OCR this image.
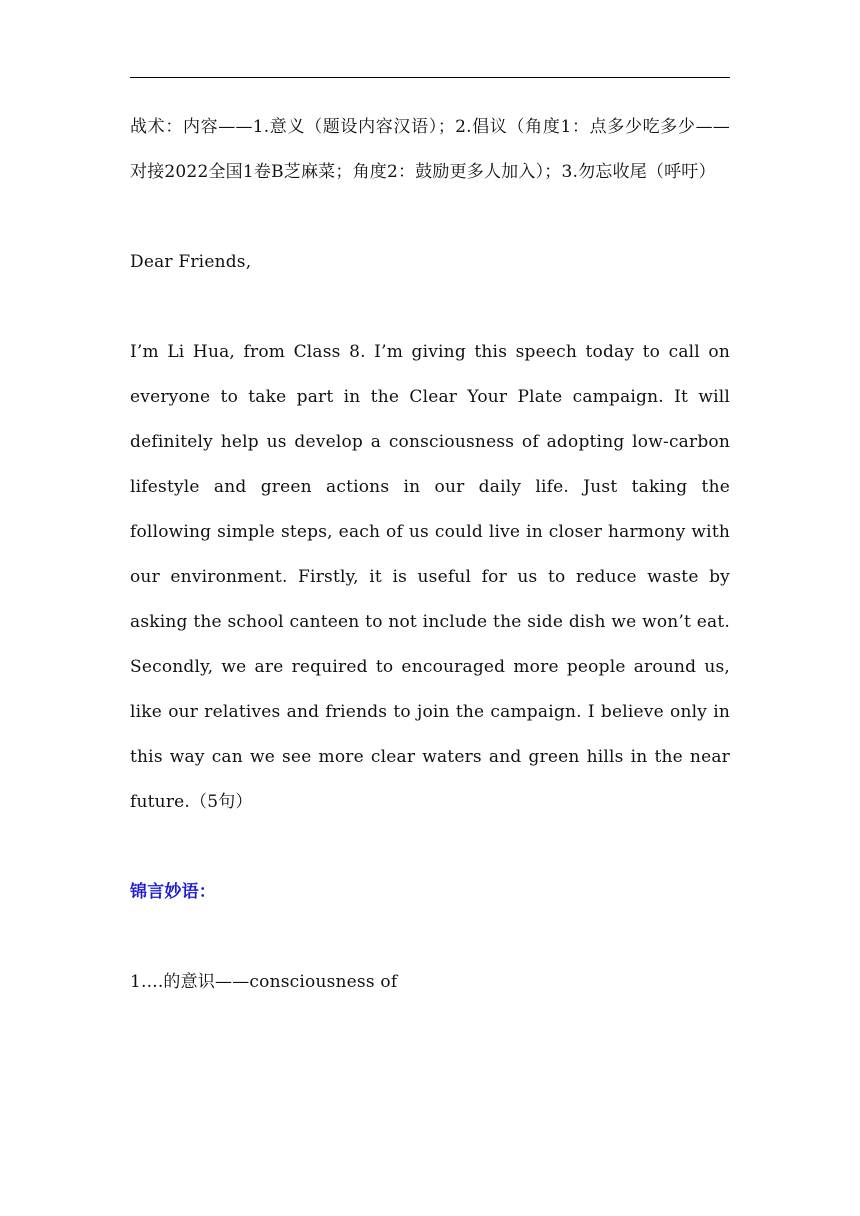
战术：内容——1.意义（题设内容汉语）；2.倡议（角度1：点多少吃多少——对接2022全国1卷B芝麻菜；角度2：鼓励更多人加入）；3.勿忘收尾（呼吁）

Dear Friends,

I’m Li Hua, from Class 8. I’m giving this speech today to call on everyone to take part in the Clear Your Plate campaign. It will definitely help us develop a consciousness of adopting low-carbon lifestyle and green actions in our daily life. Just taking the following simple steps, each of us could live in closer harmony with our environment. Firstly, it is useful for us to reduce waste by asking the school canteen to not include the side dish we won’t eat. Secondly, we are required to encouraged more people around us, like our relatives and friends to join the campaign. I believe only in this way can we see more clear waters and green hills in the near future.（5句）

锦言妙语：

1....的意识——consciousness of
